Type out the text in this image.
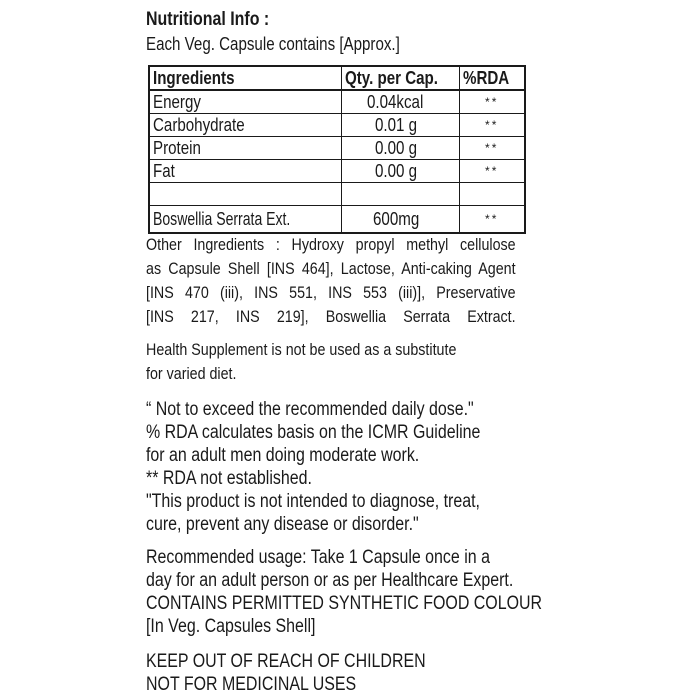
Nutritional Info :
Each Veg. Capsule contains [Approx.]
Ingredients	Qty. per Cap.	%RDA
Energy	0.04kcal	**
Carbohydrate	0.01 g	**
Protein	0.00 g	**
Fat	0.00 g	**

Boswellia Serrata Ext.	600mg	**
Other Ingredients : Hydroxy propyl methyl cellulose
as Capsule Shell [INS 464], Lactose, Anti-caking Agent
[INS 470 (iii), INS 551, INS 553 (iii)], Preservative
[INS 217, INS 219], Boswellia Serrata Extract.
Health Supplement is not be used as a substitute
for varied diet.
“ Not to exceed the recommended daily dose."
% RDA calculates basis on the ICMR Guideline
for an adult men doing moderate work.
** RDA not established.
"This product is not intended to diagnose, treat,
cure, prevent any disease or disorder."
Recommended usage: Take 1 Capsule once in a
day for an adult person or as per Healthcare Expert.
CONTAINS PERMITTED SYNTHETIC FOOD COLOUR
[In Veg. Capsules Shell]
KEEP OUT OF REACH OF CHILDREN
NOT FOR MEDICINAL USES
